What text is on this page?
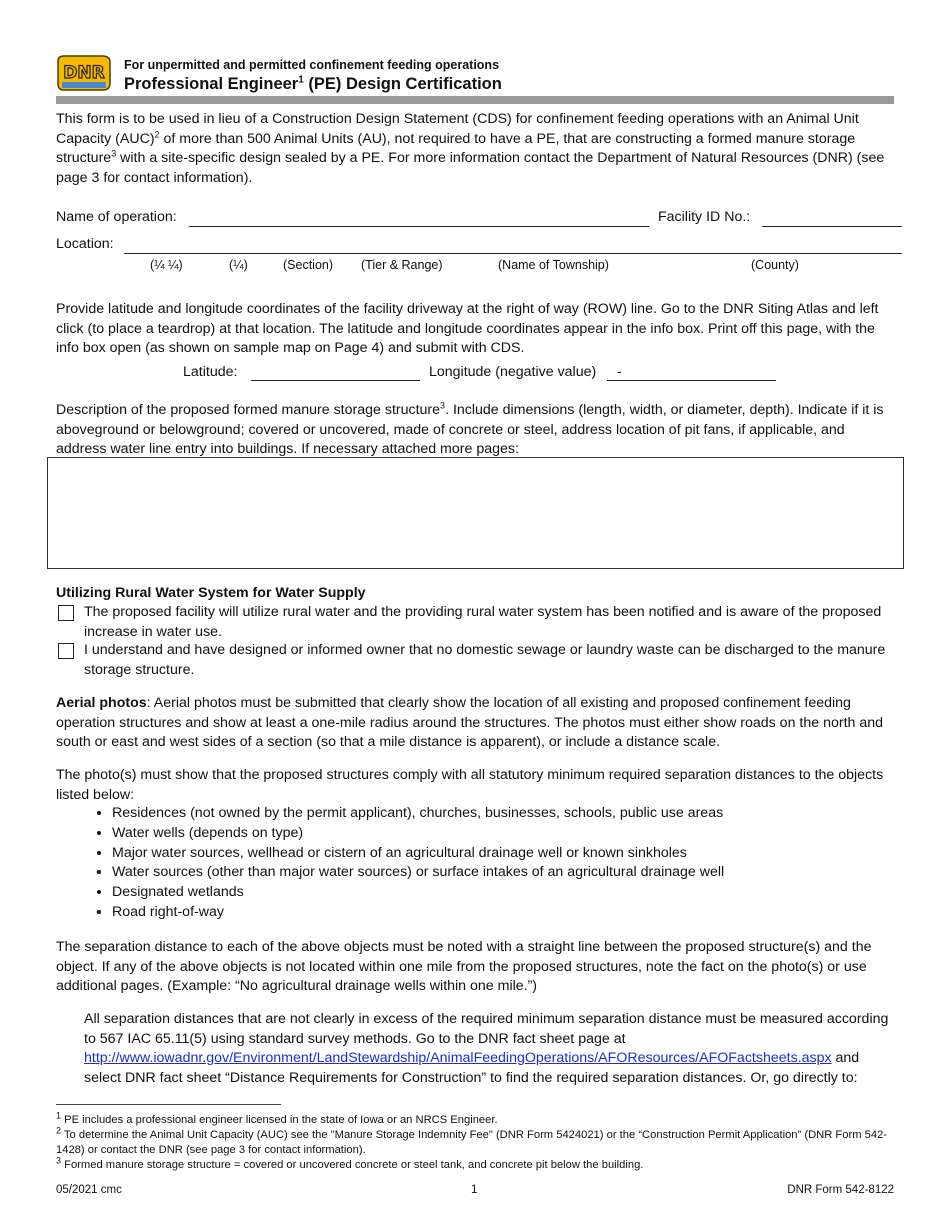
DNR For unpermitted and permitted confinement feeding operations
Professional Engineer$^1$ (PE) Design Certification
This form is to be used in lieu of a Construction Design Statement (CDS) for confinement feeding operations with an Animal Unit Capacity (AUC)$^2$ of more than 500 Animal Units (AU), not required to have a PE, that are constructing a formed manure storage structure$^3$ with a site-specific design sealed by a PE. For more information contact the Department of Natural Resources (DNR) (see page 3 for contact information).
Name of operation:	Facility ID No.:
Location:
(¼ ¼)	(¼)	(Section) (Tier & Range)	(Name of Township)	(County)
Provide latitude and longitude coordinates of the facility driveway at the right of way (ROW) line. Go to the DNR Siting Atlas and left click (to place a teardrop) at that location. The latitude and longitude coordinates appear in the info box. Print off this page, with the info box open (as shown on sample map on Page 4) and submit with CDS.
Latitude:	Longitude (negative value) -
Description of the proposed formed manure storage structure$^3$. Include dimensions (length, width, or diameter, depth). Indicate if it is aboveground or belowground; covered or uncovered, made of concrete or steel, address location of pit fans, if applicable, and address water line entry into buildings. If necessary attached more pages:
Utilizing Rural Water System for Water Supply
The proposed facility will utilize rural water and the providing rural water system has been notified and is aware of the proposed increase in water use.
I understand and have designed or informed owner that no domestic sewage or laundry waste can be discharged to the manure storage structure.
Aerial photos: Aerial photos must be submitted that clearly show the location of all existing and proposed confinement feeding operation structures and show at least a one-mile radius around the structures. The photos must either show roads on the north and south or east and west sides of a section (so that a mile distance is apparent), or include a distance scale.
The photo(s) must show that the proposed structures comply with all statutory minimum required separation distances to the objects listed below:
• Residences (not owned by the permit applicant), churches, businesses, schools, public use areas
• Water wells (depends on type)
• Major water sources, wellhead or cistern of an agricultural drainage well or known sinkholes
• Water sources (other than major water sources) or surface intakes of an agricultural drainage well
• Designated wetlands
• Road right-of-way
The separation distance to each of the above objects must be noted with a straight line between the proposed structure(s) and the object. If any of the above objects is not located within one mile from the proposed structures, note the fact on the photo(s) or use additional pages. (Example: “No agricultural drainage wells within one mile.”)
All separation distances that are not clearly in excess of the required minimum separation distance must be measured according to 567 IAC 65.11(5) using standard survey methods. Go to the DNR fact sheet page at http://www.iowadnr.gov/Environment/LandStewardship/AnimalFeedingOperations/AFOResources/AFOFactsheets.aspx and select DNR fact sheet “Distance Requirements for Construction” to find the required separation distances. Or, go directly to:
$^1$ PE includes a professional engineer licensed in the state of Iowa or an NRCS Engineer.
$^2$ To determine the Animal Unit Capacity (AUC) see the "Manure Storage Indemnity Fee" (DNR Form 5424021) or the “Construction Permit Application” (DNR Form 542-1428) or contact the DNR (see page 3 for contact information).
$^3$ Formed manure storage structure = covered or uncovered concrete or steel tank, and concrete pit below the building.
05/2021 cmc	1	DNR Form 542-8122
